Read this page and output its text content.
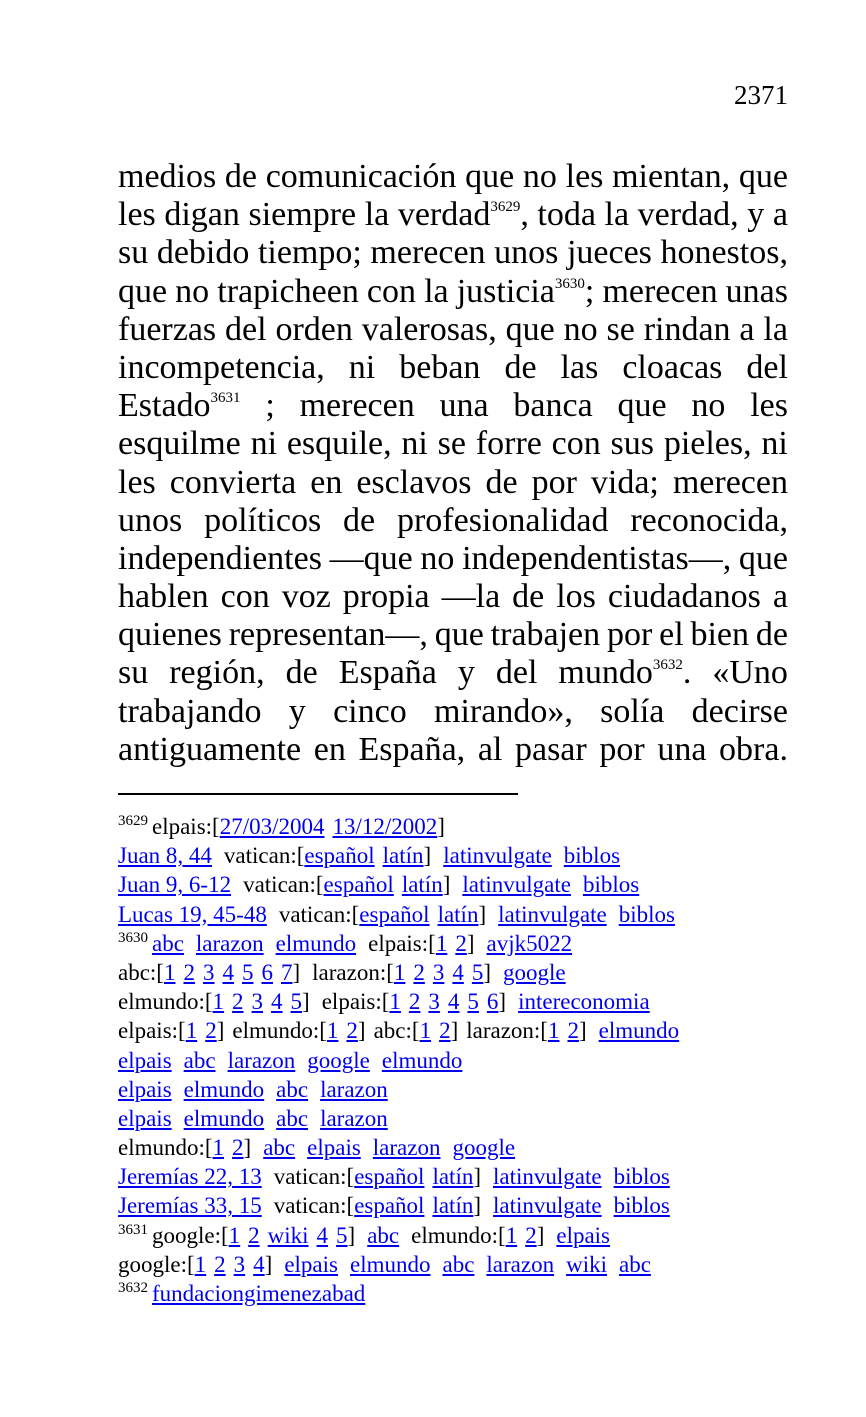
2371
medios de comunicación que no les mientan, que
les digan siempre la verdad$^{3629}$, toda la verdad, y a
su debido tiempo; merecen unos jueces honestos,
que no trapicheen con la justicia$^{3630}$; merecen unas
fuerzas del orden valerosas, que no se rindan a la
incompetencia, ni beban de las cloacas del
Estado$^{3631}$ ; merecen una banca que no les
esquilme ni esquile, ni se forre con sus pieles, ni
les convierta en esclavos de por vida; merecen
unos políticos de profesionalidad reconocida,
independientes —que no independentistas—, que
hablen con voz propia —la de los ciudadanos a
quienes representan—, que trabajen por el bien de
su región, de España y del mundo$^{3632}$. «Uno
trabajando y cinco mirando», solía decirse
antiguamente en España, al pasar por una obra.
$^{3629}$ elpais:[27/03/2004 13/12/2002]
Juan 8, 44 vatican:[español latín] latinvulgate biblos
Juan 9, 6-12 vatican:[español latín] latinvulgate biblos
Lucas 19, 45-48 vatican:[español latín] latinvulgate biblos
$^{3630}$ abc larazon elmundo elpais:[1 2] avjk5022
abc:[1 2 3 4 5 6 7] larazon:[1 2 3 4 5] google
elmundo:[1 2 3 4 5] elpais:[1 2 3 4 5 6] intereconomia
elpais:[1 2] elmundo:[1 2] abc:[1 2] larazon:[1 2] elmundo
elpais abc larazon google elmundo
elpais elmundo abc larazon
elpais elmundo abc larazon
elmundo:[1 2] abc elpais larazon google
Jeremías 22, 13 vatican:[español latín] latinvulgate biblos
Jeremías 33, 15 vatican:[español latín] latinvulgate biblos
$^{3631}$ google:[1 2 wiki 4 5] abc elmundo:[1 2] elpais
google:[1 2 3 4] elpais elmundo abc larazon wiki abc
$^{3632}$ fundaciongimenezabad
